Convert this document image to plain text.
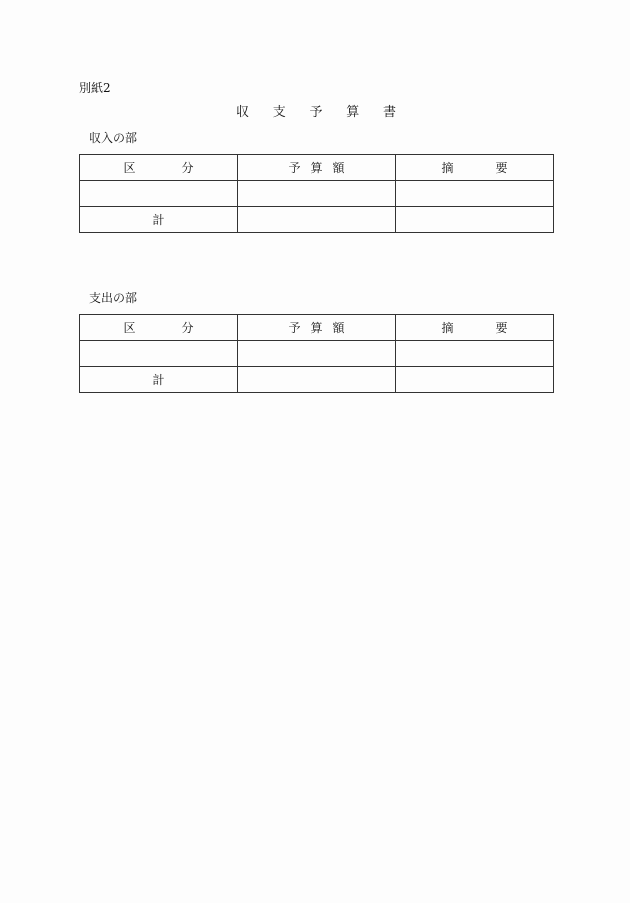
別紙2
収 支 予 算 書
収入の部
区 分	予 算 額	摘 要

計		
支出の部
区 分	予 算 額	摘 要

計		
